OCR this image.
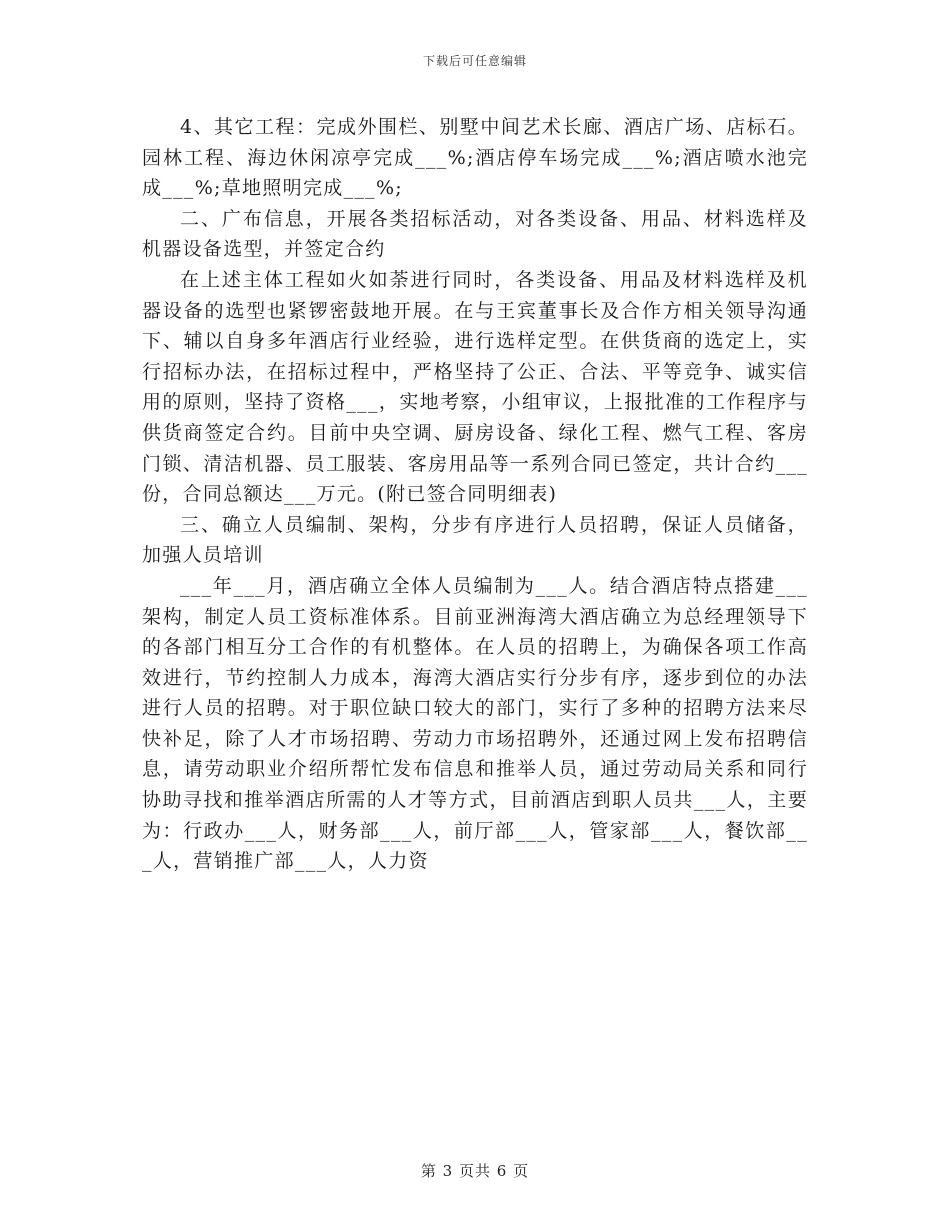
下载后可任意编辑

4、其它工程：完成外围栏、别墅中间艺术长廊、酒店广场、店标石。园林工程、海边休闲凉亭完成___%;酒店停车场完成___%;酒店喷水池完成___%;草地照明完成___%;

二、广布信息，开展各类招标活动，对各类设备、用品、材料选样及机器设备选型，并签定合约

在上述主体工程如火如荼进行同时，各类设备、用品及材料选样及机器设备的选型也紧锣密鼓地开展。在与王宾董事长及合作方相关领导沟通下、辅以自身多年酒店行业经验，进行选样定型。在供货商的选定上，实行招标办法，在招标过程中，严格坚持了公正、合法、平等竞争、诚实信用的原则，坚持了资格___，实地考察，小组审议，上报批准的工作程序与供货商签定合约。目前中央空调、厨房设备、绿化工程、燃气工程、客房门锁、清洁机器、员工服装、客房用品等一系列合同已签定，共计合约___份，合同总额达___万元。(附已签合同明细表)

三、确立人员编制、架构，分步有序进行人员招聘，保证人员储备，加强人员培训

___年___月，酒店确立全体人员编制为___人。结合酒店特点搭建___架构，制定人员工资标准体系。目前亚洲海湾大酒店确立为总经理领导下的各部门相互分工合作的有机整体。在人员的招聘上，为确保各项工作高效进行，节约控制人力成本，海湾大酒店实行分步有序，逐步到位的办法进行人员的招聘。对于职位缺口较大的部门，实行了多种的招聘方法来尽快补足，除了人才市场招聘、劳动力市场招聘外，还通过网上发布招聘信息，请劳动职业介绍所帮忙发布信息和推举人员，通过劳动局关系和同行协助寻找和推举酒店所需的人才等方式，目前酒店到职人员共___人，主要为：行政办___人，财务部___人，前厅部___人，管家部___人，餐饮部___人，营销推广部___人，人力资

第 3 页共 6 页
